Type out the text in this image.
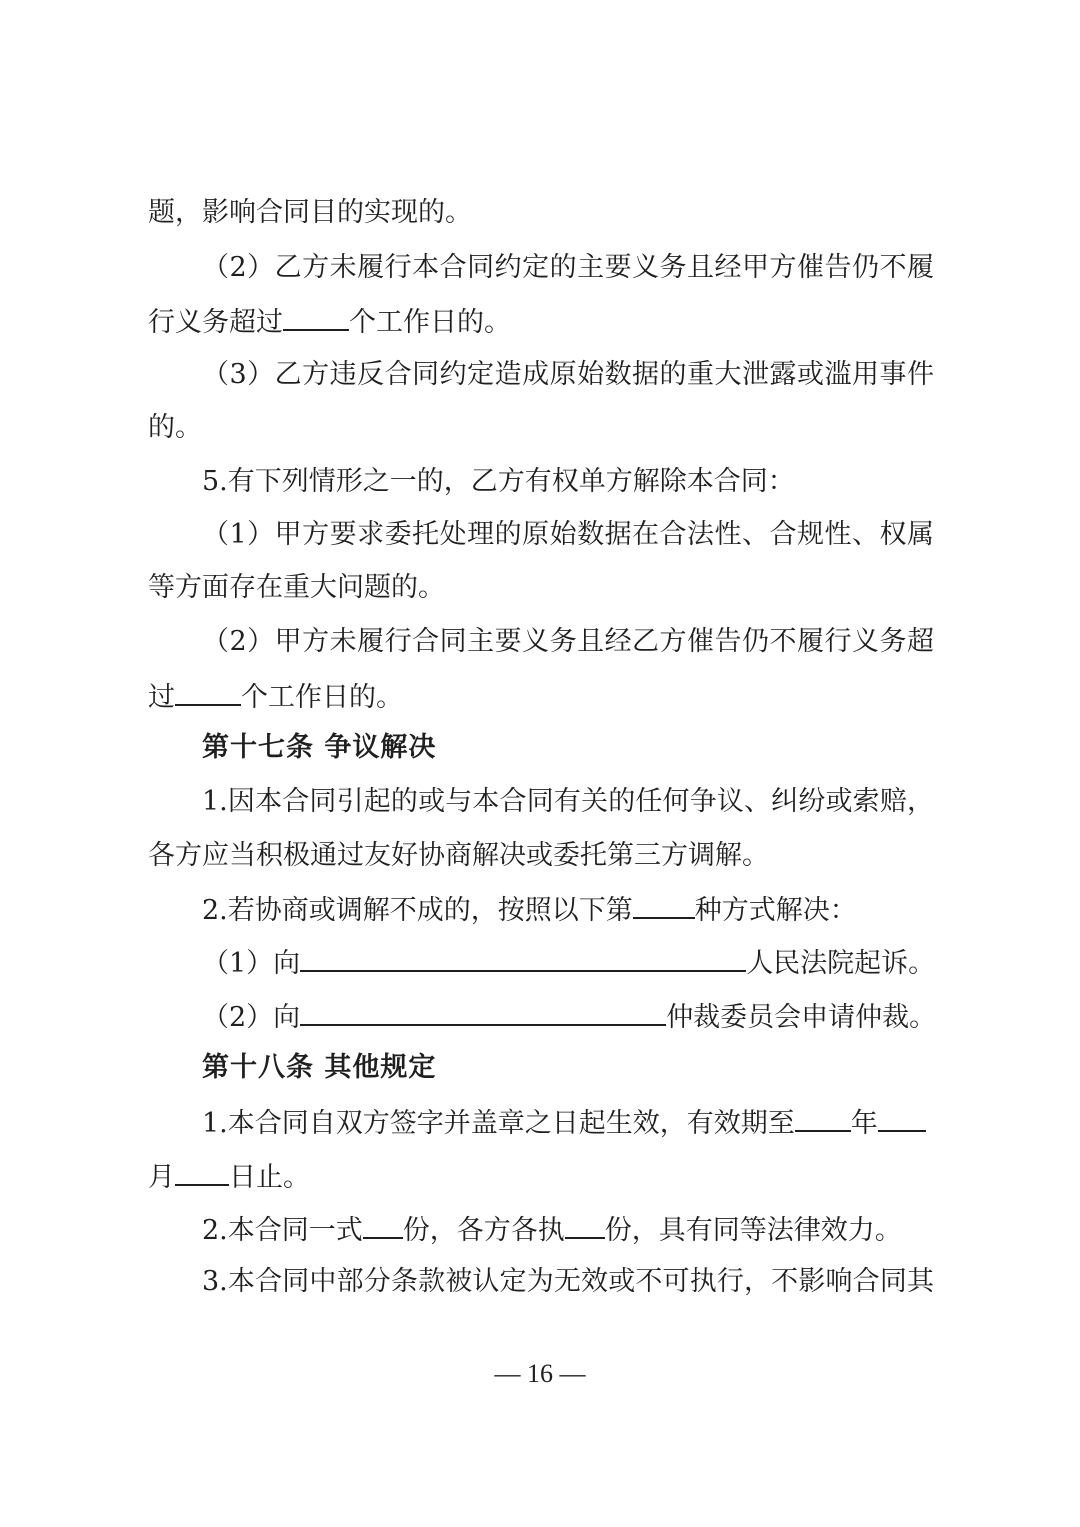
题，影响合同目的实现的。
（2）乙方未履行本合同约定的主要义务且经甲方催告仍不履
行义务超过 个工作日的。
（3）乙方违反合同约定造成原始数据的重大泄露或滥用事件
的。
5.有下列情形之一的，乙方有权单方解除本合同：
（1）甲方要求委托处理的原始数据在合法性、合规性、权属
等方面存在重大问题的。
（2）甲方未履行合同主要义务且经乙方催告仍不履行义务超
过 个工作日的。
第十七条 争议解决
1.因本合同引起的或与本合同有关的任何争议、纠纷或索赔，
各方应当积极通过友好协商解决或委托第三方调解。
2.若协商或调解不成的，按照以下第 种方式解决：
（1）向	人民法院起诉。
（2）向	仲裁委员会申请仲裁。
第十八条 其他规定
1.本合同自双方签字并盖章之日起生效，有效期至 年
月 日止。
2.本合同一式 份，各方各执 份，具有同等法律效力。
3.本合同中部分条款被认定为无效或不可执行，不影响合同其
— 16 —
